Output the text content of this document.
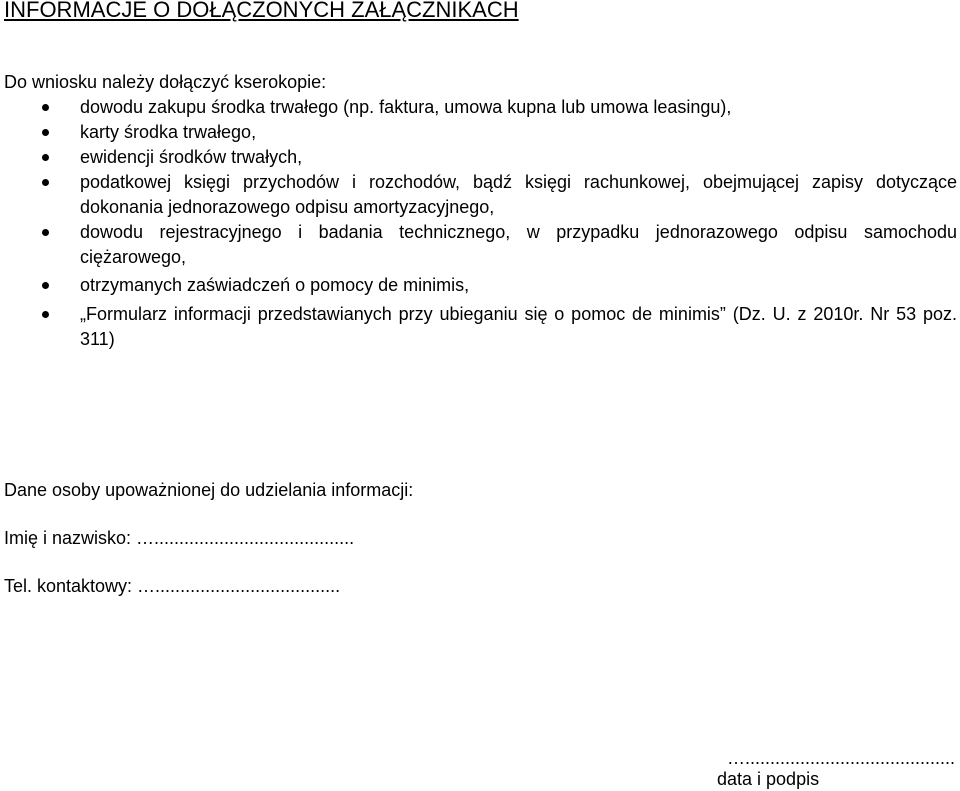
INFORMACJE O DOŁĄCZONYCH ZAŁĄCZNIKACH
Do wniosku należy dołączyć kserokopie:
dowodu zakupu środka trwałego (np. faktura, umowa kupna lub umowa leasingu),
karty środka trwałego,
ewidencji środków trwałych,
podatkowej księgi przychodów i rozchodów, bądź księgi rachunkowej, obejmującej zapisy dotyczące dokonania jednorazowego odpisu amortyzacyjnego,
dowodu rejestracyjnego i badania technicznego, w przypadku jednorazowego odpisu samochodu ciężarowego,
otrzymanych zaświadczeń o pomocy de minimis,
„Formularz informacji przedstawianych przy ubieganiu się o pomoc de minimis” (Dz. U. z 2010r. Nr 53 poz. 311)
Dane osoby upoważnionej do udzielania informacji:
Imię i nazwisko: …........................................
Tel. kontaktowy: ….....................................
…..........................................
data i podpis
